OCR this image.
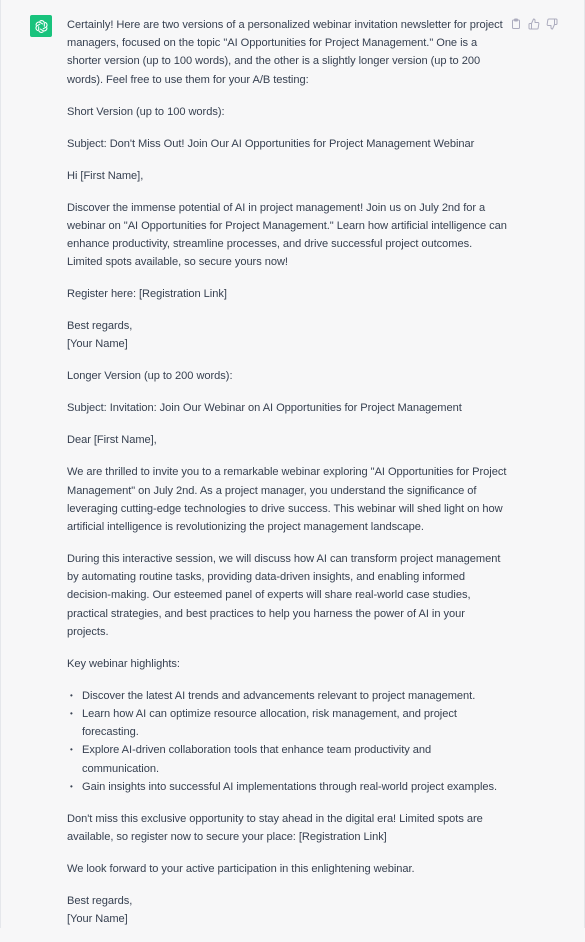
Certainly! Here are two versions of a personalized webinar invitation newsletter for project managers, focused on the topic "AI Opportunities for Project Management." One is a shorter version (up to 100 words), and the other is a slightly longer version (up to 200 words). Feel free to use them for your A/B testing:

Short Version (up to 100 words):

Subject: Don't Miss Out! Join Our AI Opportunities for Project Management Webinar

Hi [First Name],

Discover the immense potential of AI in project management! Join us on July 2nd for a webinar on "AI Opportunities for Project Management." Learn how artificial intelligence can enhance productivity, streamline processes, and drive successful project outcomes. Limited spots available, so secure yours now!

Register here: [Registration Link]

Best regards,
[Your Name]

Longer Version (up to 200 words):

Subject: Invitation: Join Our Webinar on AI Opportunities for Project Management

Dear [First Name],

We are thrilled to invite you to a remarkable webinar exploring "AI Opportunities for Project Management" on July 2nd. As a project manager, you understand the significance of leveraging cutting-edge technologies to drive success. This webinar will shed light on how artificial intelligence is revolutionizing the project management landscape.

During this interactive session, we will discuss how AI can transform project management by automating routine tasks, providing data-driven insights, and enabling informed decision-making. Our esteemed panel of experts will share real-world case studies, practical strategies, and best practices to help you harness the power of AI in your projects.

Key webinar highlights:

• Discover the latest AI trends and advancements relevant to project management.
• Learn how AI can optimize resource allocation, risk management, and project forecasting.
• Explore AI-driven collaboration tools that enhance team productivity and communication.
• Gain insights into successful AI implementations through real-world project examples.

Don't miss this exclusive opportunity to stay ahead in the digital era! Limited spots are available, so register now to secure your place: [Registration Link]

We look forward to your active participation in this enlightening webinar.

Best regards,
[Your Name]
